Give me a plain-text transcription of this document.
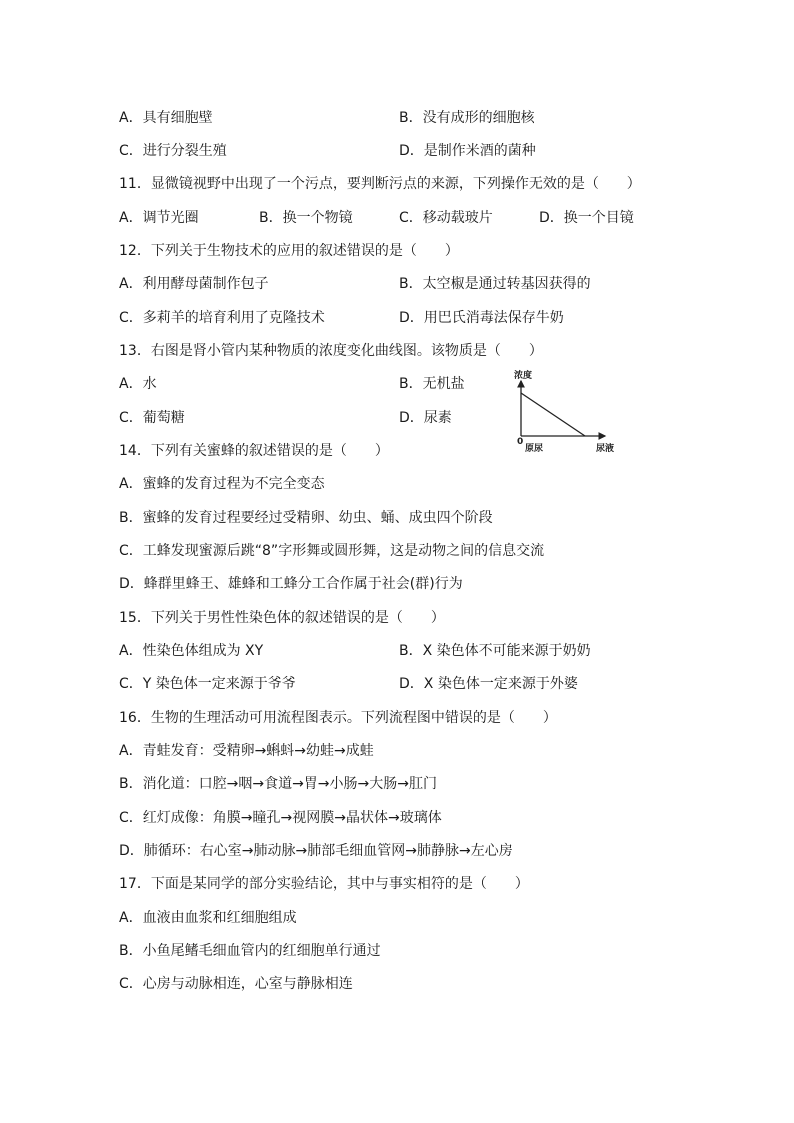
A．具有细胞壁	B．没有成形的细胞核
C．进行分裂生殖	D．是制作米酒的菌种
11．显微镜视野中出现了一个污点，要判断污点的来源，下列操作无效的是（　　）
A．调节光圈	B．换一个物镜	C．移动载玻片	D．换一个目镜
12．下列关于生物技术的应用的叙述错误的是（　　）
A．利用酵母菌制作包子	B．太空椒是通过转基因获得的
C．多莉羊的培育利用了克隆技术	D．用巴氏消毒法保存牛奶
13．右图是肾小管内某种物质的浓度变化曲线图。该物质是（　　）
A．水	B．无机盐
C．葡萄糖	D．尿素
浓度
0
原尿	尿液
14．下列有关蜜蜂的叙述错误的是（　　）
A．蜜蜂的发育过程为不完全变态
B．蜜蜂的发育过程要经过受精卵、幼虫、蛹、成虫四个阶段
C．工蜂发现蜜源后跳“8”字形舞或圆形舞，这是动物之间的信息交流
D．蜂群里蜂王、雄蜂和工蜂分工合作属于社会(群)行为
15．下列关于男性性染色体的叙述错误的是（　　）
A．性染色体组成为 XY	B．X 染色体不可能来源于奶奶
C．Y 染色体一定来源于爷爷	D．X 染色体一定来源于外婆
16．生物的生理活动可用流程图表示。下列流程图中错误的是（　　）
A．青蛙发育：受精卵→蝌蚪→幼蛙→成蛙
B．消化道：口腔→咽→食道→胃→小肠→大肠→肛门
C．红灯成像：角膜→瞳孔→视网膜→晶状体→玻璃体
D．肺循环：右心室→肺动脉→肺部毛细血管网→肺静脉→左心房
17．下面是某同学的部分实验结论，其中与事实相符的是（　　）
A．血液由血浆和红细胞组成
B．小鱼尾鳍毛细血管内的红细胞单行通过
C．心房与动脉相连，心室与静脉相连
